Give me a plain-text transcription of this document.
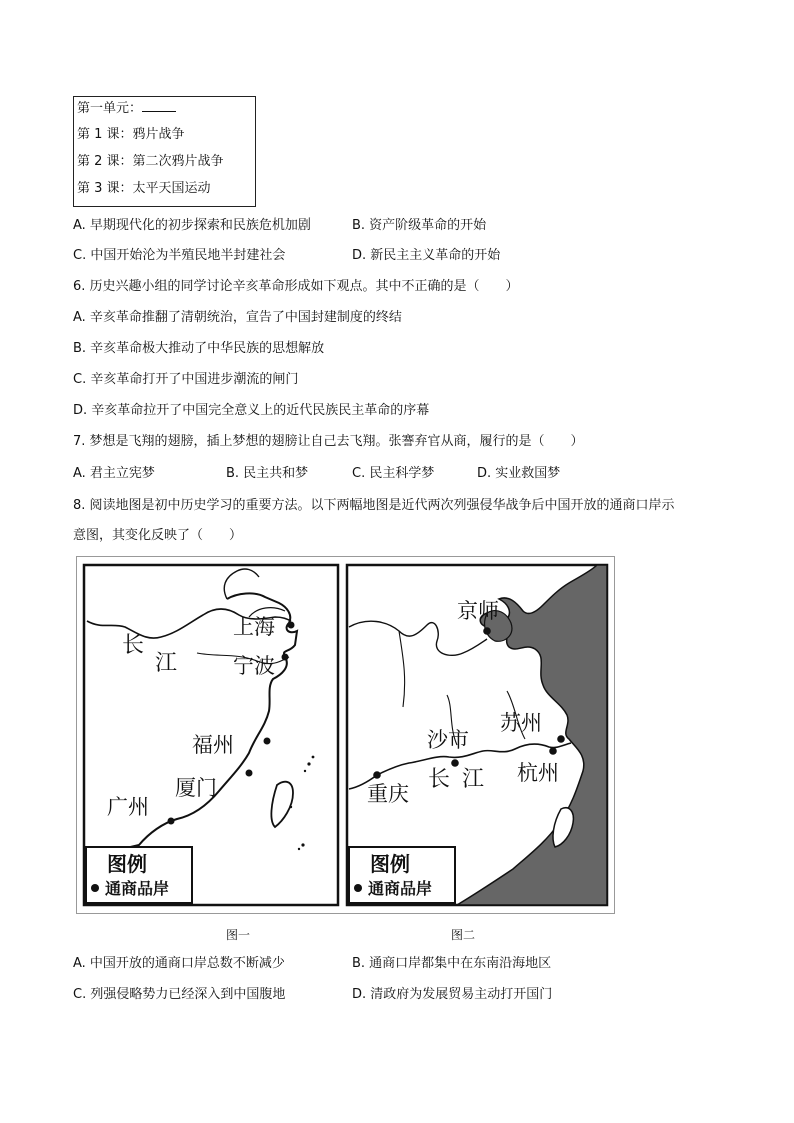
第一单元：
第 1 课：鸦片战争
第 2 课：第二次鸦片战争
第 3 课：太平天国运动
A. 早期现代化的初步探索和民族危机加剧	B. 资产阶级革命的开始
C. 中国开始沦为半殖民地半封建社会	D. 新民主主义革命的开始
6. 历史兴趣小组的同学讨论辛亥革命形成如下观点。其中不正确的是（　　）
A. 辛亥革命推翻了清朝统治，宣告了中国封建制度的终结
B. 辛亥革命极大推动了中华民族的思想解放
C. 辛亥革命打开了中国进步潮流的闸门
D. 辛亥革命拉开了中国完全意义上的近代民族民主革命的序幕
7. 梦想是飞翔的翅膀，插上梦想的翅膀让自己去飞翔。张謇弃官从商，履行的是（　　）
A. 君主立宪梦	B. 民主共和梦	C. 民主科学梦	D. 实业救国梦
8. 阅读地图是初中历史学习的重要方法。以下两幅地图是近代两次列强侵华战争后中国开放的通商口岸示
意图，其变化反映了（　　）
长
江
上海
宁波
福州
厦门
广州
图例
通商品岸
京师
苏州
沙市
杭州
重庆
长 江
图例
通商品岸
图一	图二
A. 中国开放的通商口岸总数不断减少	B. 通商口岸都集中在东南沿海地区
C. 列强侵略势力已经深入到中国腹地	D. 清政府为发展贸易主动打开国门
